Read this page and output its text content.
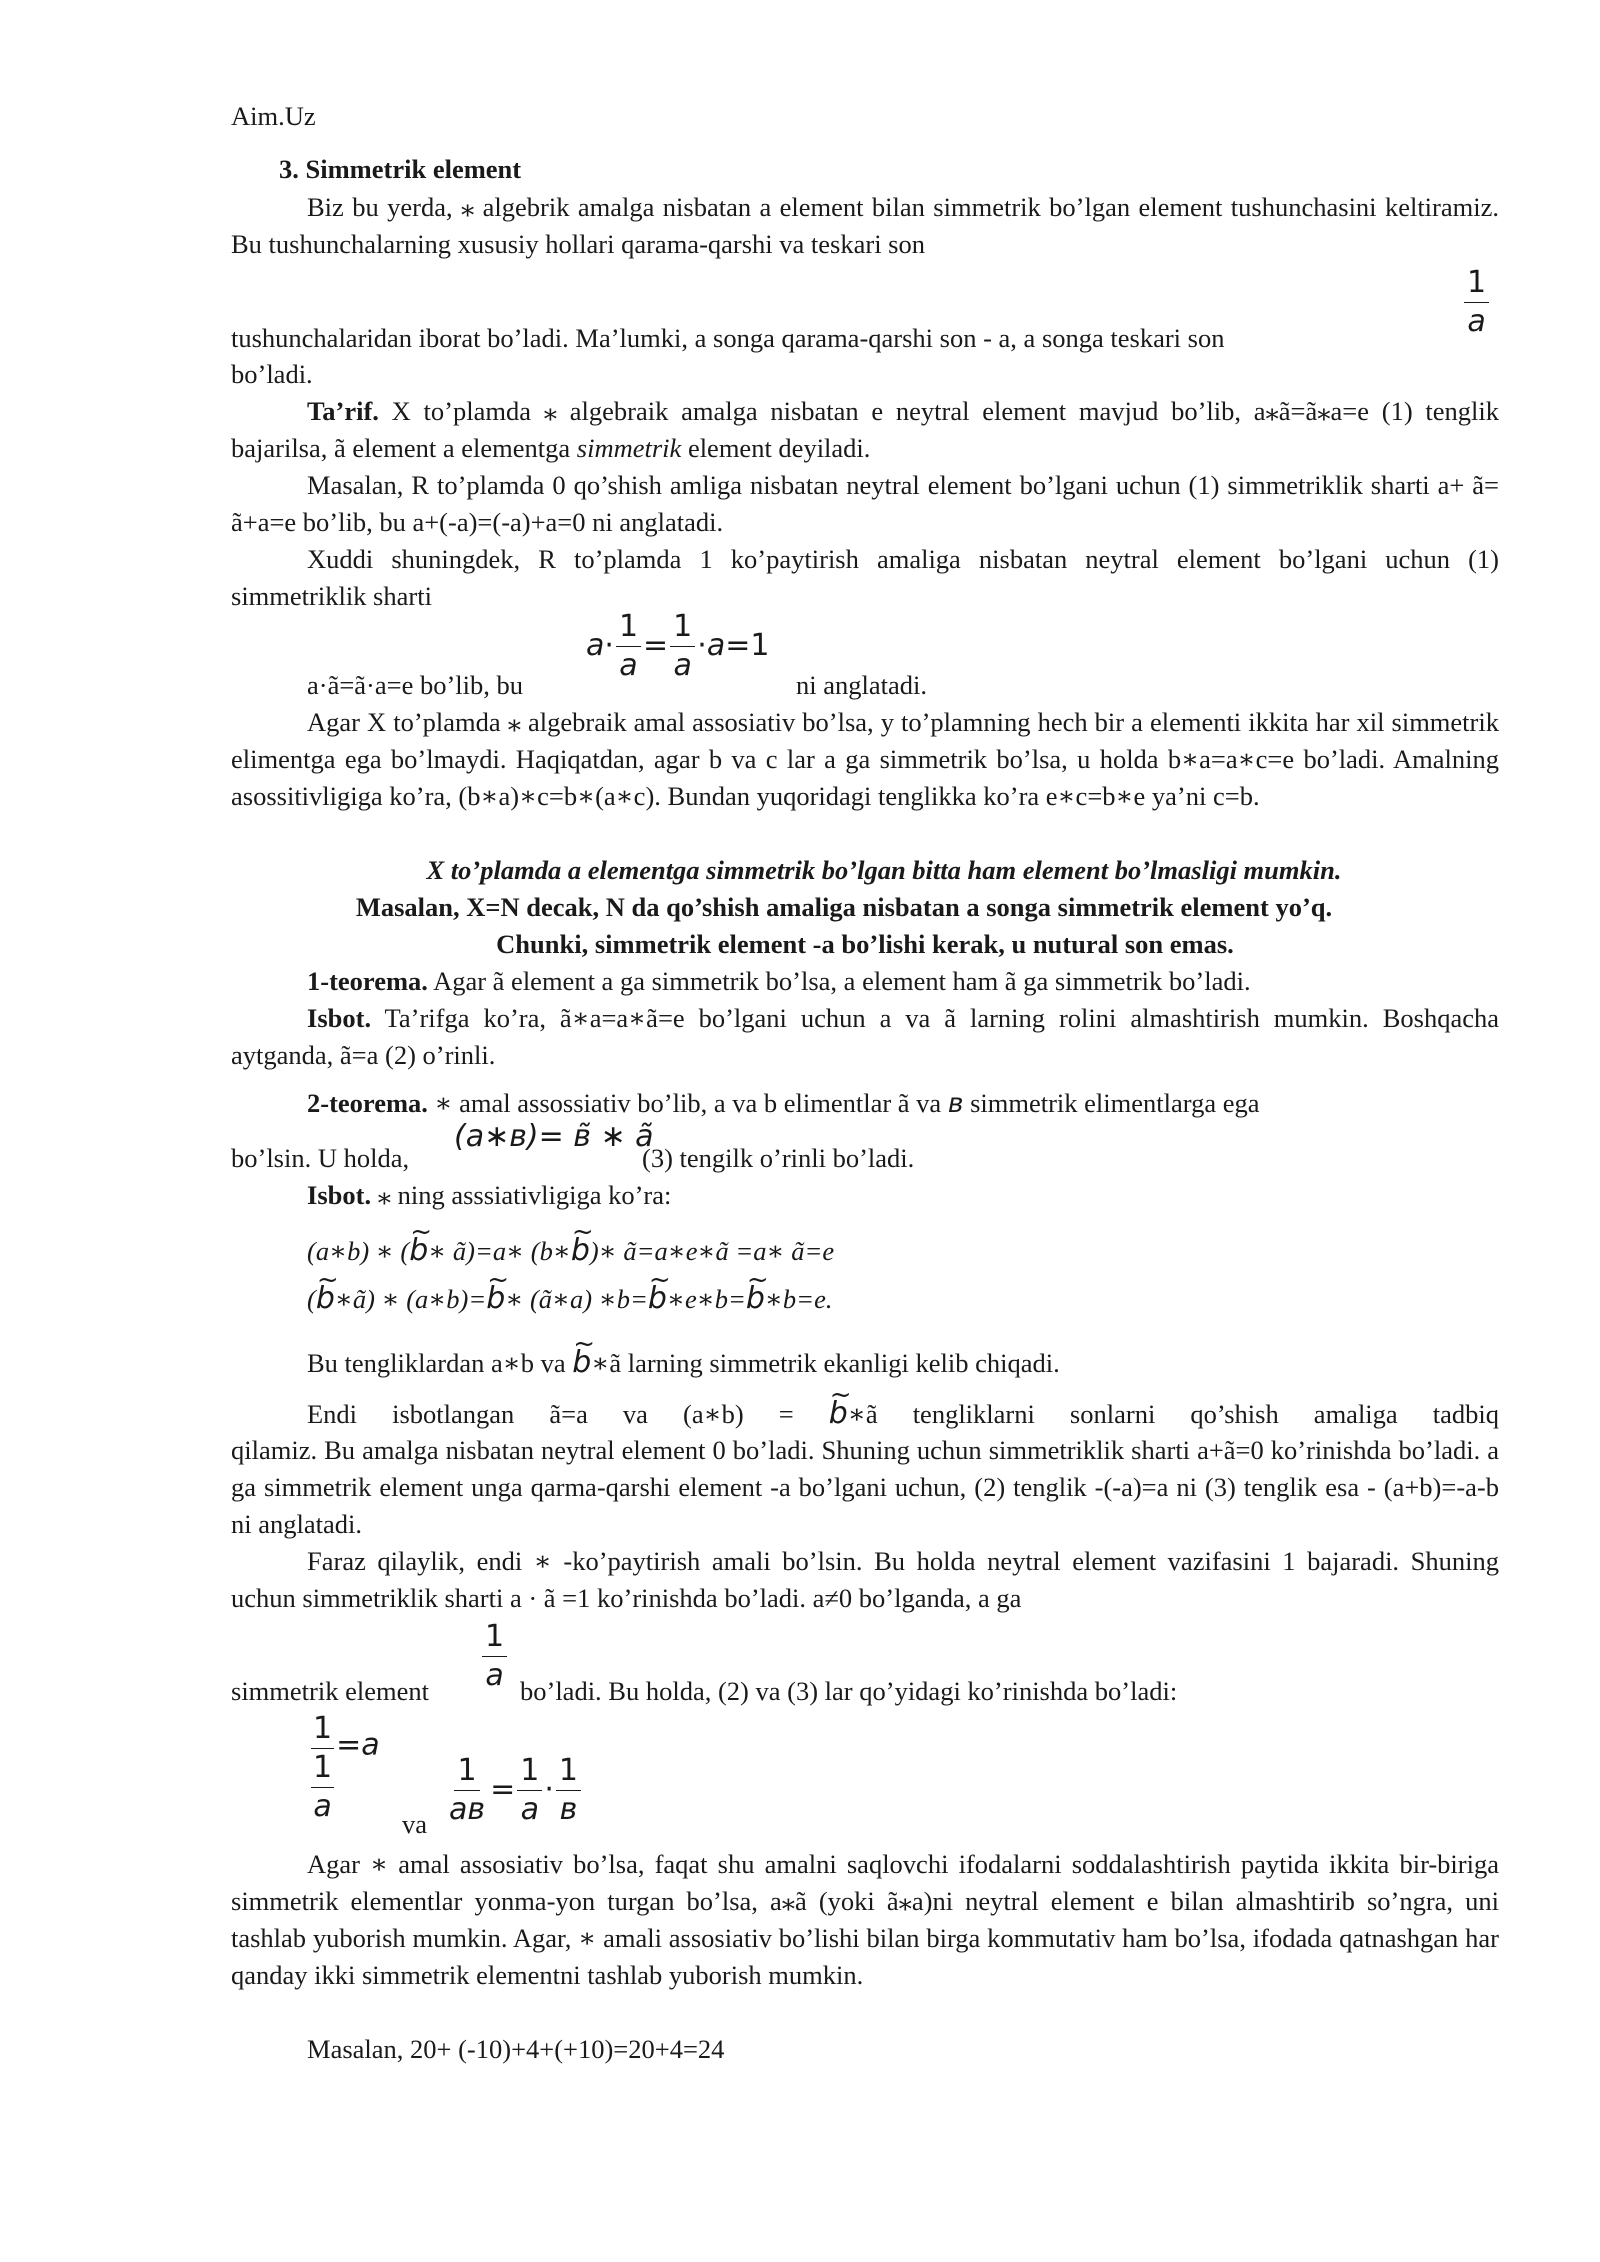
Aim.Uz

3. Simmetrik element

Biz bu yerda, ⁎ algebrik amalga nisbatan a element bilan simmetrik bo’lgan element tushunchasini keltiramiz. Bu tushunchalarning xususiy hollari qarama-qarshi va teskari son

tushunchalaridan iborat bo’ladi. Ma’lumki, a songa qarama-qarshi son - a, a songa teskari son

$\frac{1}{a}$

bo’ladi.

Ta’rif. X to’plamda ⁎ algebraik amalga nisbatan e neytral element mavjud bo’lib, a⁎ã=ã⁎a=e (1) tenglik bajarilsa, ã element a elementga simmetrik element deyiladi.

Masalan, R to’plamda 0 qo’shish amliga nisbatan neytral element bo’lgani uchun (1) simmetriklik sharti a+ ã= ã+a=e bo’lib, bu a+(-a)=(-a)+a=0 ni anglatadi.

Xuddi shuningdek, R to’plamda 1 ko’paytirish amaliga nisbatan neytral element bo’lgani uchun (1) simmetriklik sharti

$a\cdot \frac{1}{a} = \frac{1}{a} \cdot a=1$

a·ã=ã·a=e bo’lib, bu	ni anglatadi.

Agar X to’plamda ⁎ algebraik amal assosiativ bo’lsa, y to’plamning hech bir a elementi ikkita har xil simmetrik elimentga ega bo’lmaydi. Haqiqatdan, agar b va c lar a ga simmetrik bo’lsa, u holda b∗a=a∗c=e bo’ladi. Amalning asossitivligiga ko’ra, (b∗a)∗c=b∗(a∗c). Bundan yuqoridagi tenglikka ko’ra e∗c=b∗e ya’ni c=b.

X to’plamda a elementga simmetrik bo’lgan bitta ham element bo’lmasligi mumkin.

Masalan, X=N decak, N da qo’shish amaliga nisbatan a songa simmetrik element yo’q.

Chunki, simmetrik element -a bo’lishi kerak, u nutural son emas.

1-teorema. Agar ã element a ga simmetrik bo’lsa, a element ham ã ga simmetrik bo’ladi.

Isbot. Ta’rifga ko’ra, ã∗a=a∗ã=e bo’lgani uchun a va ã larning rolini almashtirish mumkin. Boshqacha aytganda, ã=a (2) o’rinli.

2-teorema. ∗ amal assossiativ bo’lib, a va b elimentlar ã va в simmetrik elimentlarga ega

bo’lsin. U holda,

(a∗в)= в̃ ∗ ã

(3) tengilk o’rinli bo’ladi.

Isbot. ⁎ ning asssiativligiga ko’ra:

(a∗b) ∗ (~ b∗ ã)=a∗ (b∗~ b)∗ ã=a∗e∗ã =a∗ ã=e
(~ b∗ã) ∗ (a∗b)=~ b∗ (ã∗a) ∗b=~ b∗e∗b=~ b∗b=e.
Bu tengliklardan a∗b va ~ b∗ã larning simmetrik ekanligi kelib chiqadi.
Endi isbotlangan ã=a va (a∗b) = ~ b∗ã tengliklarni sonlarni qo’shish amaliga tadbiq

qilamiz. Bu amalga nisbatan neytral element 0 bo’ladi. Shuning uchun simmetriklik sharti a+ã=0 ko’rinishda bo’ladi. a ga simmetrik element unga qarma-qarshi element -a bo’lgani uchun, (2) tenglik -(-a)=a ni (3) tenglik esa - (a+b)=-a-b ni anglatadi.

Faraz qilaylik, endi ∗ -ko’paytirish amali bo’lsin. Bu holda neytral element vazifasini 1 bajaradi. Shuning uchun simmetriklik sharti a · ã =1 ko’rinishda bo’ladi. a≠0 bo’lganda, a ga

simmetrik element	$\frac{1}{a}$ bo’ladi. Bu holda, (2) va (3) lar qo’yidagi ko’rinishda bo’ladi:

1
1
a =a

va $\frac{1}{aв} = \frac{1}{a} \cdot \frac{1}{в}$

Agar ∗ amal assosiativ bo’lsa, faqat shu amalni saqlovchi ifodalarni soddalashtirish paytida ikkita bir-biriga simmetrik elementlar yonma-yon turgan bo’lsa, a⁎ã (yoki ã⁎a)ni neytral element e bilan almashtirib so’ngra, uni tashlab yuborish mumkin. Agar, ∗ amali assosiativ bo’lishi bilan birga kommutativ ham bo’lsa, ifodada qatnashgan har qanday ikki simmetrik elementni tashlab yuborish mumkin.

Masalan, 20+ (-10)+4+(+10)=20+4=24
